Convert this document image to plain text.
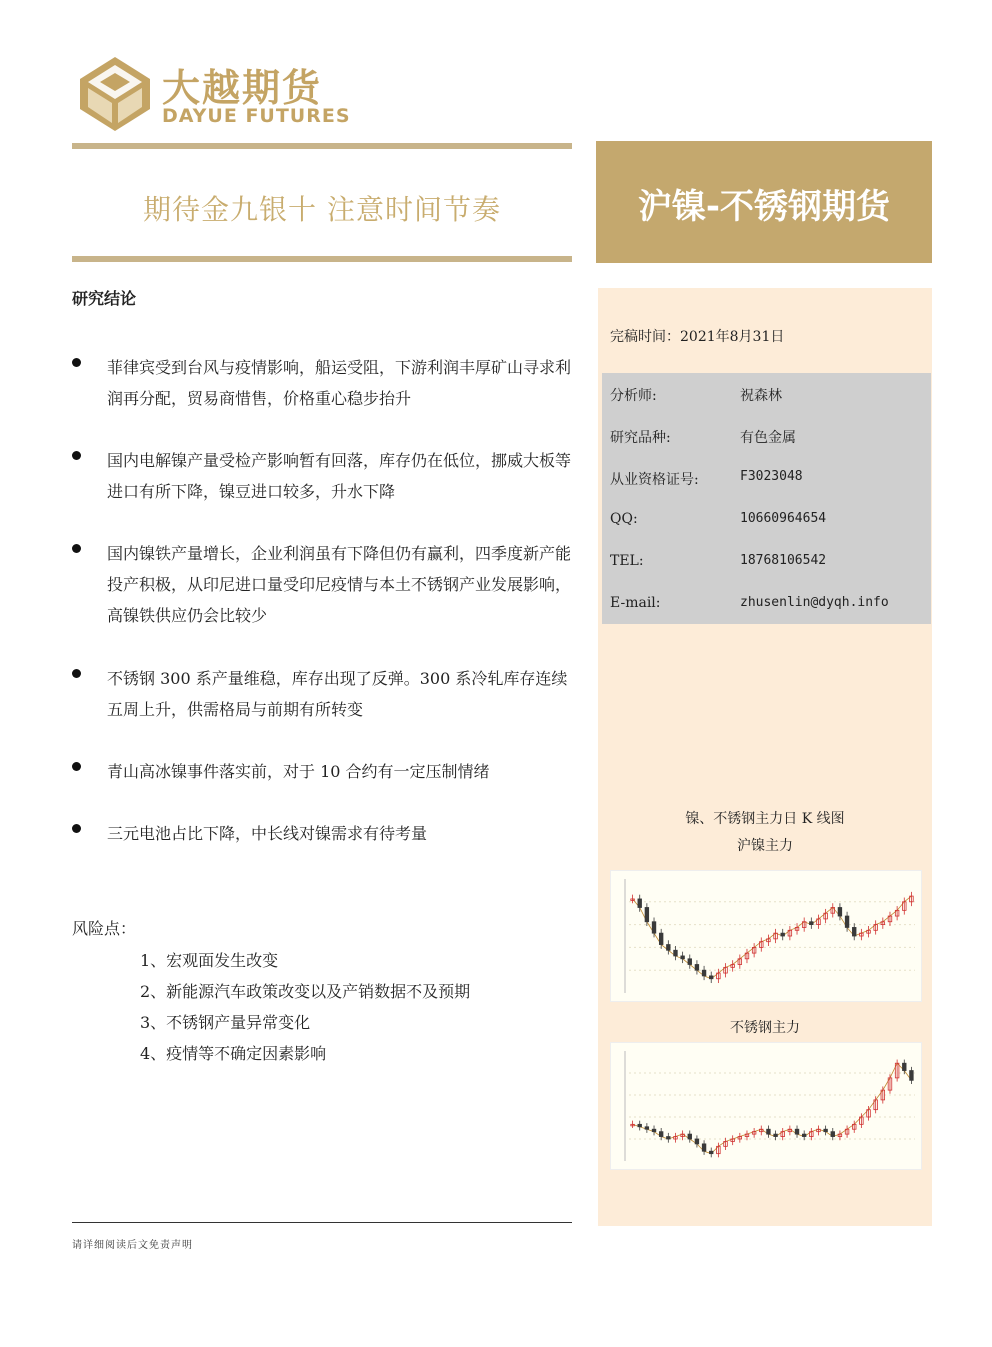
大越期货
DAYUE FUTURES
期待金九银十 注意时间节奏	沪镍-不锈钢期货
研究结论
菲律宾受到台风与疫情影响，船运受阻，下游利润丰厚矿山寻求利润再分配，贸易商惜售，价格重心稳步抬升
国内电解镍产量受检产影响暂有回落，库存仍在低位，挪威大板等进口有所下降，镍豆进口较多，升水下降
国内镍铁产量增长，企业利润虽有下降但仍有赢利，四季度新产能投产积极，从印尼进口量受印尼疫情与本土不锈钢产业发展影响，高镍铁供应仍会比较少
不锈钢 300 系产量维稳，库存出现了反弹。300 系冷轧库存连续五周上升，供需格局与前期有所转变
青山高冰镍事件落实前，对于 10 合约有一定压制情绪
三元电池占比下降，中长线对镍需求有待考量
风险点：
1、宏观面发生改变
2、新能源汽车政策改变以及产销数据不及预期
3、不锈钢产量异常变化
4、疫情等不确定因素影响
请详细阅读后文免责声明
完稿时间：2021年8月31日
分析师:	祝森林
研究品种:	有色金属
从业资格证号:	F3023048
QQ:	10660964654
TEL:	18768106542
E-mail:	zhusenlin@dyqh.info
镍、不锈钢主力日 K 线图
沪镍主力
不锈钢主力
